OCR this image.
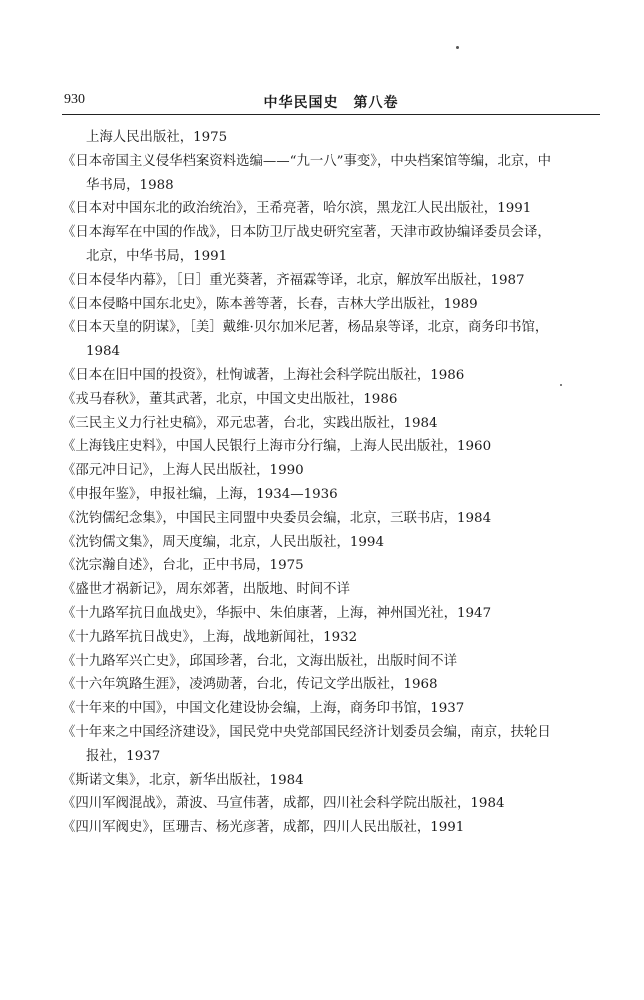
930	中华民国史　第八卷
上海人民出版社，1975
《日本帝国主义侵华档案资料选编——“九一八”事变》，中央档案馆等编，北京，中
华书局，1988
《日本对中国东北的政治统治》，王希亮著，哈尔滨，黑龙江人民出版社，1991
《日本海军在中国的作战》，日本防卫厅战史研究室著，天津市政协编译委员会译，
北京，中华书局，1991
《日本侵华内幕》，［日］重光葵著，齐福霖等译，北京，解放军出版社，1987
《日本侵略中国东北史》，陈本善等著，长春，吉林大学出版社，1989
《日本天皇的阴谋》，［美］戴维·贝尔加米尼著，杨品泉等译，北京，商务印书馆，
1984
《日本在旧中国的投资》，杜恂诚著，上海社会科学院出版社，1986
《戎马春秋》，董其武著，北京，中国文史出版社，1986
《三民主义力行社史稿》，邓元忠著，台北，实践出版社，1984
《上海钱庄史料》，中国人民银行上海市分行编，上海人民出版社，1960
《邵元冲日记》，上海人民出版社，1990
《申报年鉴》，申报社编，上海，1934—1936
《沈钧儒纪念集》，中国民主同盟中央委员会编，北京，三联书店，1984
《沈钧儒文集》，周天度编，北京，人民出版社，1994
《沈宗瀚自述》，台北，正中书局，1975
《盛世才祸新记》，周东郊著，出版地、时间不详
《十九路军抗日血战史》，华振中、朱伯康著，上海，神州国光社，1947
《十九路军抗日战史》，上海，战地新闻社，1932
《十九路军兴亡史》，邱国珍著，台北，文海出版社，出版时间不详
《十六年筑路生涯》，凌鸿勋著，台北，传记文学出版社，1968
《十年来的中国》，中国文化建设协会编，上海，商务印书馆，1937
《十年来之中国经济建设》，国民党中央党部国民经济计划委员会编，南京，扶轮日
报社，1937
《斯诺文集》，北京，新华出版社，1984
《四川军阀混战》，萧波、马宣伟著，成都，四川社会科学院出版社，1984
《四川军阀史》，匡珊吉、杨光彦著，成都，四川人民出版社，1991
